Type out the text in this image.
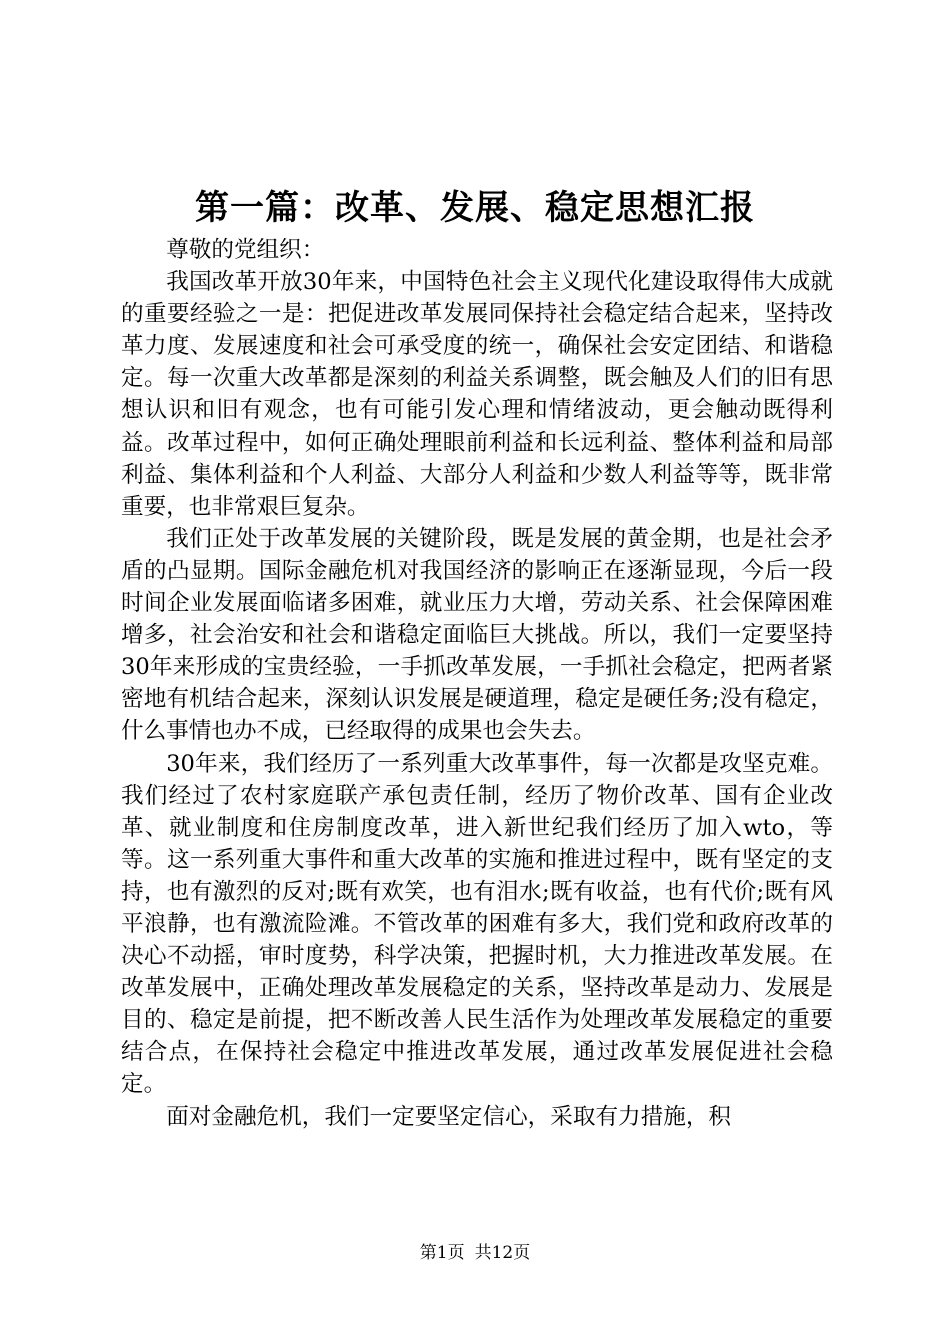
第一篇：改革、发展、稳定思想汇报

尊敬的党组织：

我国改革开放30年来，中国特色社会主义现代化建设取得伟大成就的重要经验之一是：把促进改革发展同保持社会稳定结合起来，坚持改革力度、发展速度和社会可承受度的统一，确保社会安定团结、和谐稳定。每一次重大改革都是深刻的利益关系调整，既会触及人们的旧有思想认识和旧有观念，也有可能引发心理和情绪波动，更会触动既得利益。改革过程中，如何正确处理眼前利益和长远利益、整体利益和局部利益、集体利益和个人利益、大部分人利益和少数人利益等等，既非常重要，也非常艰巨复杂。

我们正处于改革发展的关键阶段，既是发展的黄金期，也是社会矛盾的凸显期。国际金融危机对我国经济的影响正在逐渐显现，今后一段时间企业发展面临诸多困难，就业压力大增，劳动关系、社会保障困难增多，社会治安和社会和谐稳定面临巨大挑战。所以，我们一定要坚持30年来形成的宝贵经验，一手抓改革发展，一手抓社会稳定，把两者紧密地有机结合起来，深刻认识发展是硬道理，稳定是硬任务;没有稳定，什么事情也办不成，已经取得的成果也会失去。

30年来，我们经历了一系列重大改革事件，每一次都是攻坚克难。我们经过了农村家庭联产承包责任制，经历了物价改革、国有企业改革、就业制度和住房制度改革，进入新世纪我们经历了加入wto，等等。这一系列重大事件和重大改革的实施和推进过程中，既有坚定的支持，也有激烈的反对;既有欢笑，也有泪水;既有收益，也有代价;既有风平浪静，也有激流险滩。不管改革的困难有多大，我们党和政府改革的决心不动摇，审时度势，科学决策，把握时机，大力推进改革发展。在改革发展中，正确处理改革发展稳定的关系，坚持改革是动力、发展是目的、稳定是前提，把不断改善人民生活作为处理改革发展稳定的重要结合点，在保持社会稳定中推进改革发展，通过改革发展促进社会稳定。

面对金融危机，我们一定要坚定信心，采取有力措施，积

第1页 共12页
